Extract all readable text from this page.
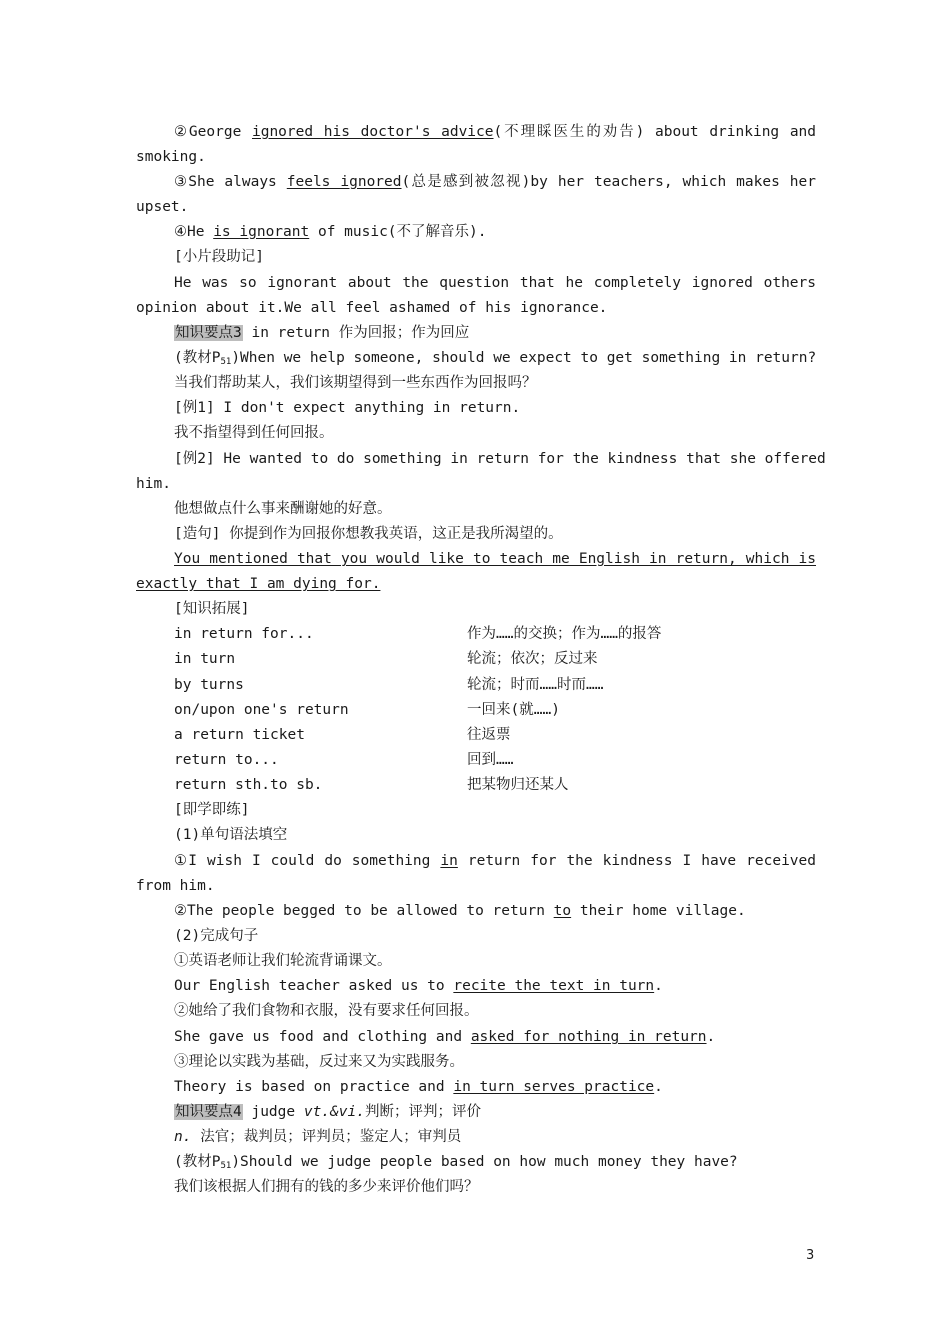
②George ignored his doctor's advice(不理睬医生的劝告) about drinking and
smoking.
③She always feels ignored(总是感到被忽视)by her teachers, which makes her
upset.
④He is ignorant of music(不了解音乐).
[小片段助记]
He was so ignorant about the question that he completely ignored others
opinion about it.We all feel ashamed of his ignorance.
知识要点3 in return 作为回报；作为回应
(教材$P_{51})When$ we help someone, should we expect to get something in return?
当我们帮助某人，我们该期望得到一些东西作为回报吗？
[例1] I don't expect anything in return.
我不指望得到任何回报。
[例2] He wanted to do something in return for the kindness that she offered
him.
他想做点什么事来酬谢她的好意。
[造句] 你提到作为回报你想教我英语，这正是我所渴望的。
You mentioned that you would like to teach me English in return, which is
exactly that I am dying for.
[知识拓展]
in return for...	作为……的交换；作为……的报答
in turn	轮流；依次；反过来
by turns	轮流；时而……时而……
on/upon one's return	一回来(就……)
a return ticket	往返票
return to...	回到……
return sth.to sb.	把某物归还某人
[即学即练]
(1)单句语法填空
①I wish I could do something in return for the kindness I have received
from him.
②The people begged to be allowed to return to their home village.
(2)完成句子
①英语老师让我们轮流背诵课文。
Our English teacher asked us to recite the text in turn.
②她给了我们食物和衣服，没有要求任何回报。
She gave us food and clothing and asked for nothing in return.
③理论以实践为基础，反过来又为实践服务。
Theory is based on practice and in turn serves practice.
知识要点4 judge vt.&vi.判断；评判；评价
n. 法官；裁判员；评判员；鉴定人；审判员
(教材$P_{51})Should$ we judge people based on how much money they have?
我们该根据人们拥有的钱的多少来评价他们吗？
3
